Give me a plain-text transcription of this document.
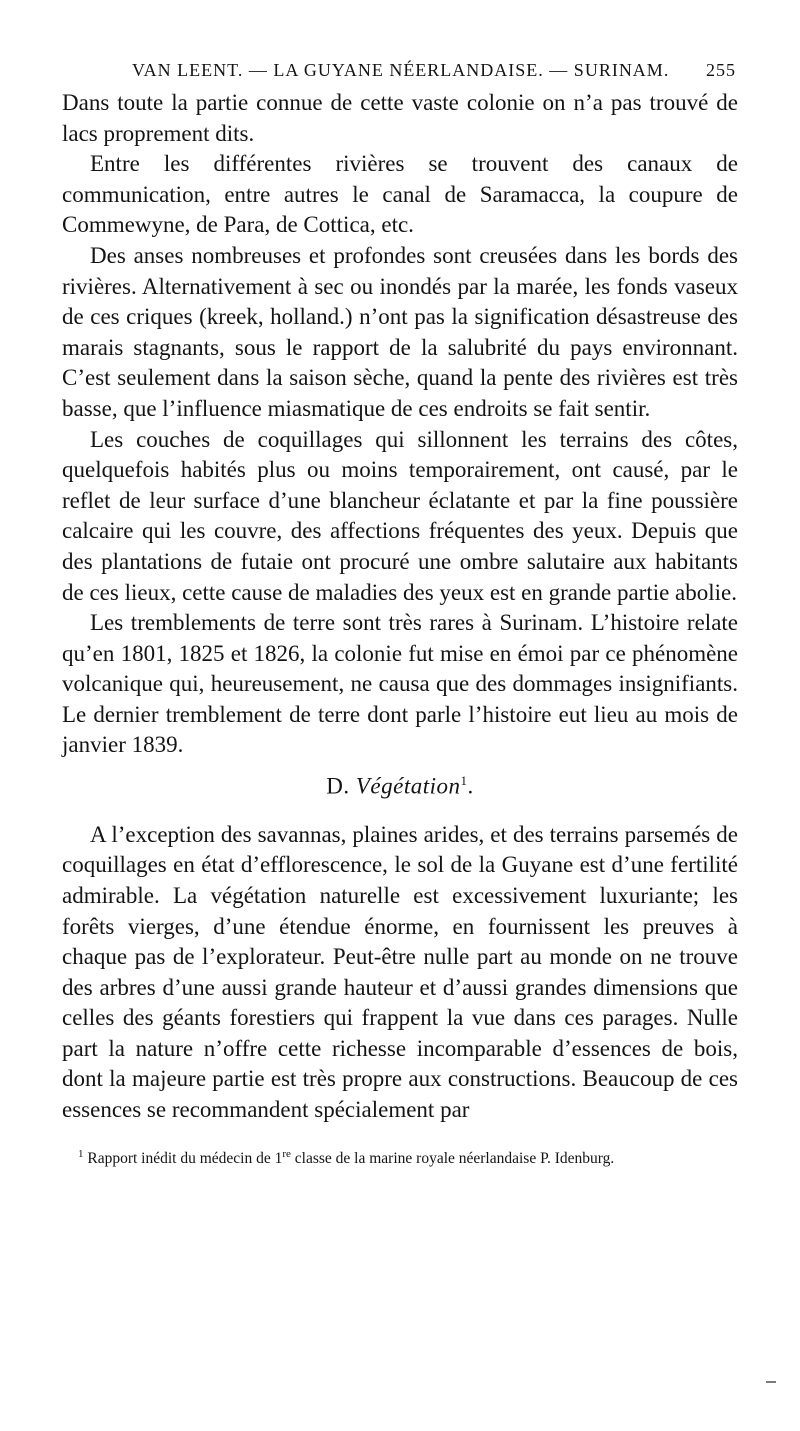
VAN LEENT. — LA GUYANE NÉERLANDAISE. — SURINAM. 255

Dans toute la partie connue de cette vaste colonie on n’a pas trouvé de lacs proprement dits.

Entre les différentes rivières se trouvent des canaux de communication, entre autres le canal de Saramacca, la coupure de Commewyne, de Para, de Cottica, etc.

Des anses nombreuses et profondes sont creusées dans les bords des rivières. Alternativement à sec ou inondés par la marée, les fonds vaseux de ces criques (kreek, holland.) n’ont pas la signification désastreuse des marais stagnants, sous le rapport de la salubrité du pays environnant. C’est seulement dans la saison sèche, quand la pente des rivières est très basse, que l’influence miasmatique de ces endroits se fait sentir.

Les couches de coquillages qui sillonnent les terrains des côtes, quelquefois habités plus ou moins temporairement, ont causé, par le reflet de leur surface d’une blancheur éclatante et par la fine poussière calcaire qui les couvre, des affections fréquentes des yeux. Depuis que des plantations de futaie ont procuré une ombre salutaire aux habitants de ces lieux, cette cause de maladies des yeux est en grande partie abolie.

Les tremblements de terre sont très rares à Surinam. L’histoire relate qu’en 1801, 1825 et 1826, la colonie fut mise en émoi par ce phénomène volcanique qui, heureusement, ne causa que des dommages insignifiants. Le dernier tremblement de terre dont parle l’histoire eut lieu au mois de janvier 1839.

D. Végétation$^1$.

A l’exception des savannas, plaines arides, et des terrains parsemés de coquillages en état d’efflorescence, le sol de la Guyane est d’une fertilité admirable. La végétation naturelle est excessivement luxuriante; les forêts vierges, d’une étendue énorme, en fournissent les preuves à chaque pas de l’explorateur. Peut-être nulle part au monde on ne trouve des arbres d’une aussi grande hauteur et d’aussi grandes dimensions que celles des géants forestiers qui frappent la vue dans ces parages. Nulle part la nature n’offre cette richesse incomparable d’essences de bois, dont la majeure partie est très propre aux constructions. Beaucoup de ces essences se recommandent spécialement par

$^1$ Rapport inédit du médecin de 1re classe de la marine royale néerlandaise P. Idenburg.
